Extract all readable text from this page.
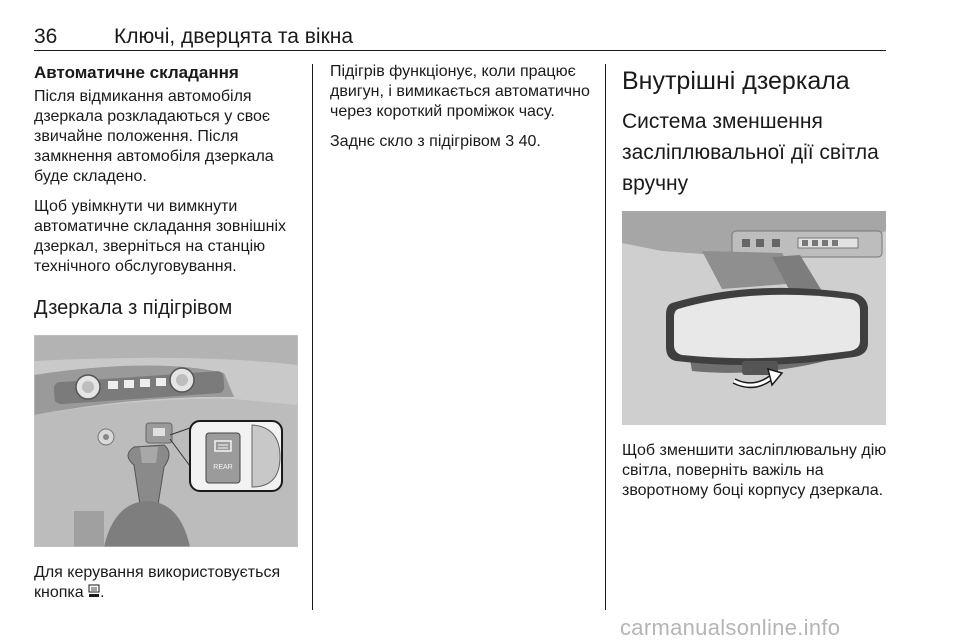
36	Ключі, дверцята та вікна
Автоматичне складання

Після відмикання автомобіля дзеркала розкладаються у своє звичайне положення. Після замкнення автомобіля дзеркала буде складено.

Щоб увімкнути чи вимкнути автоматичне складання зовнішніх дзеркал, зверніться на станцію технічного обслуговування.

Дзеркала з підігрівом
REAR

Для керування використовується кнопка .

Підігрів функціонує, коли працює двигун, і вимикається автоматично через короткий проміжок часу.

Заднє скло з підігрівом 3 40.

Внутрішні дзеркала
Система зменшення засліплювальної дії світла вручну

Щоб зменшити засліплювальну дію світла, поверніть важіль на зворотному боці корпусу дзеркала.

carmanualsonline.info
